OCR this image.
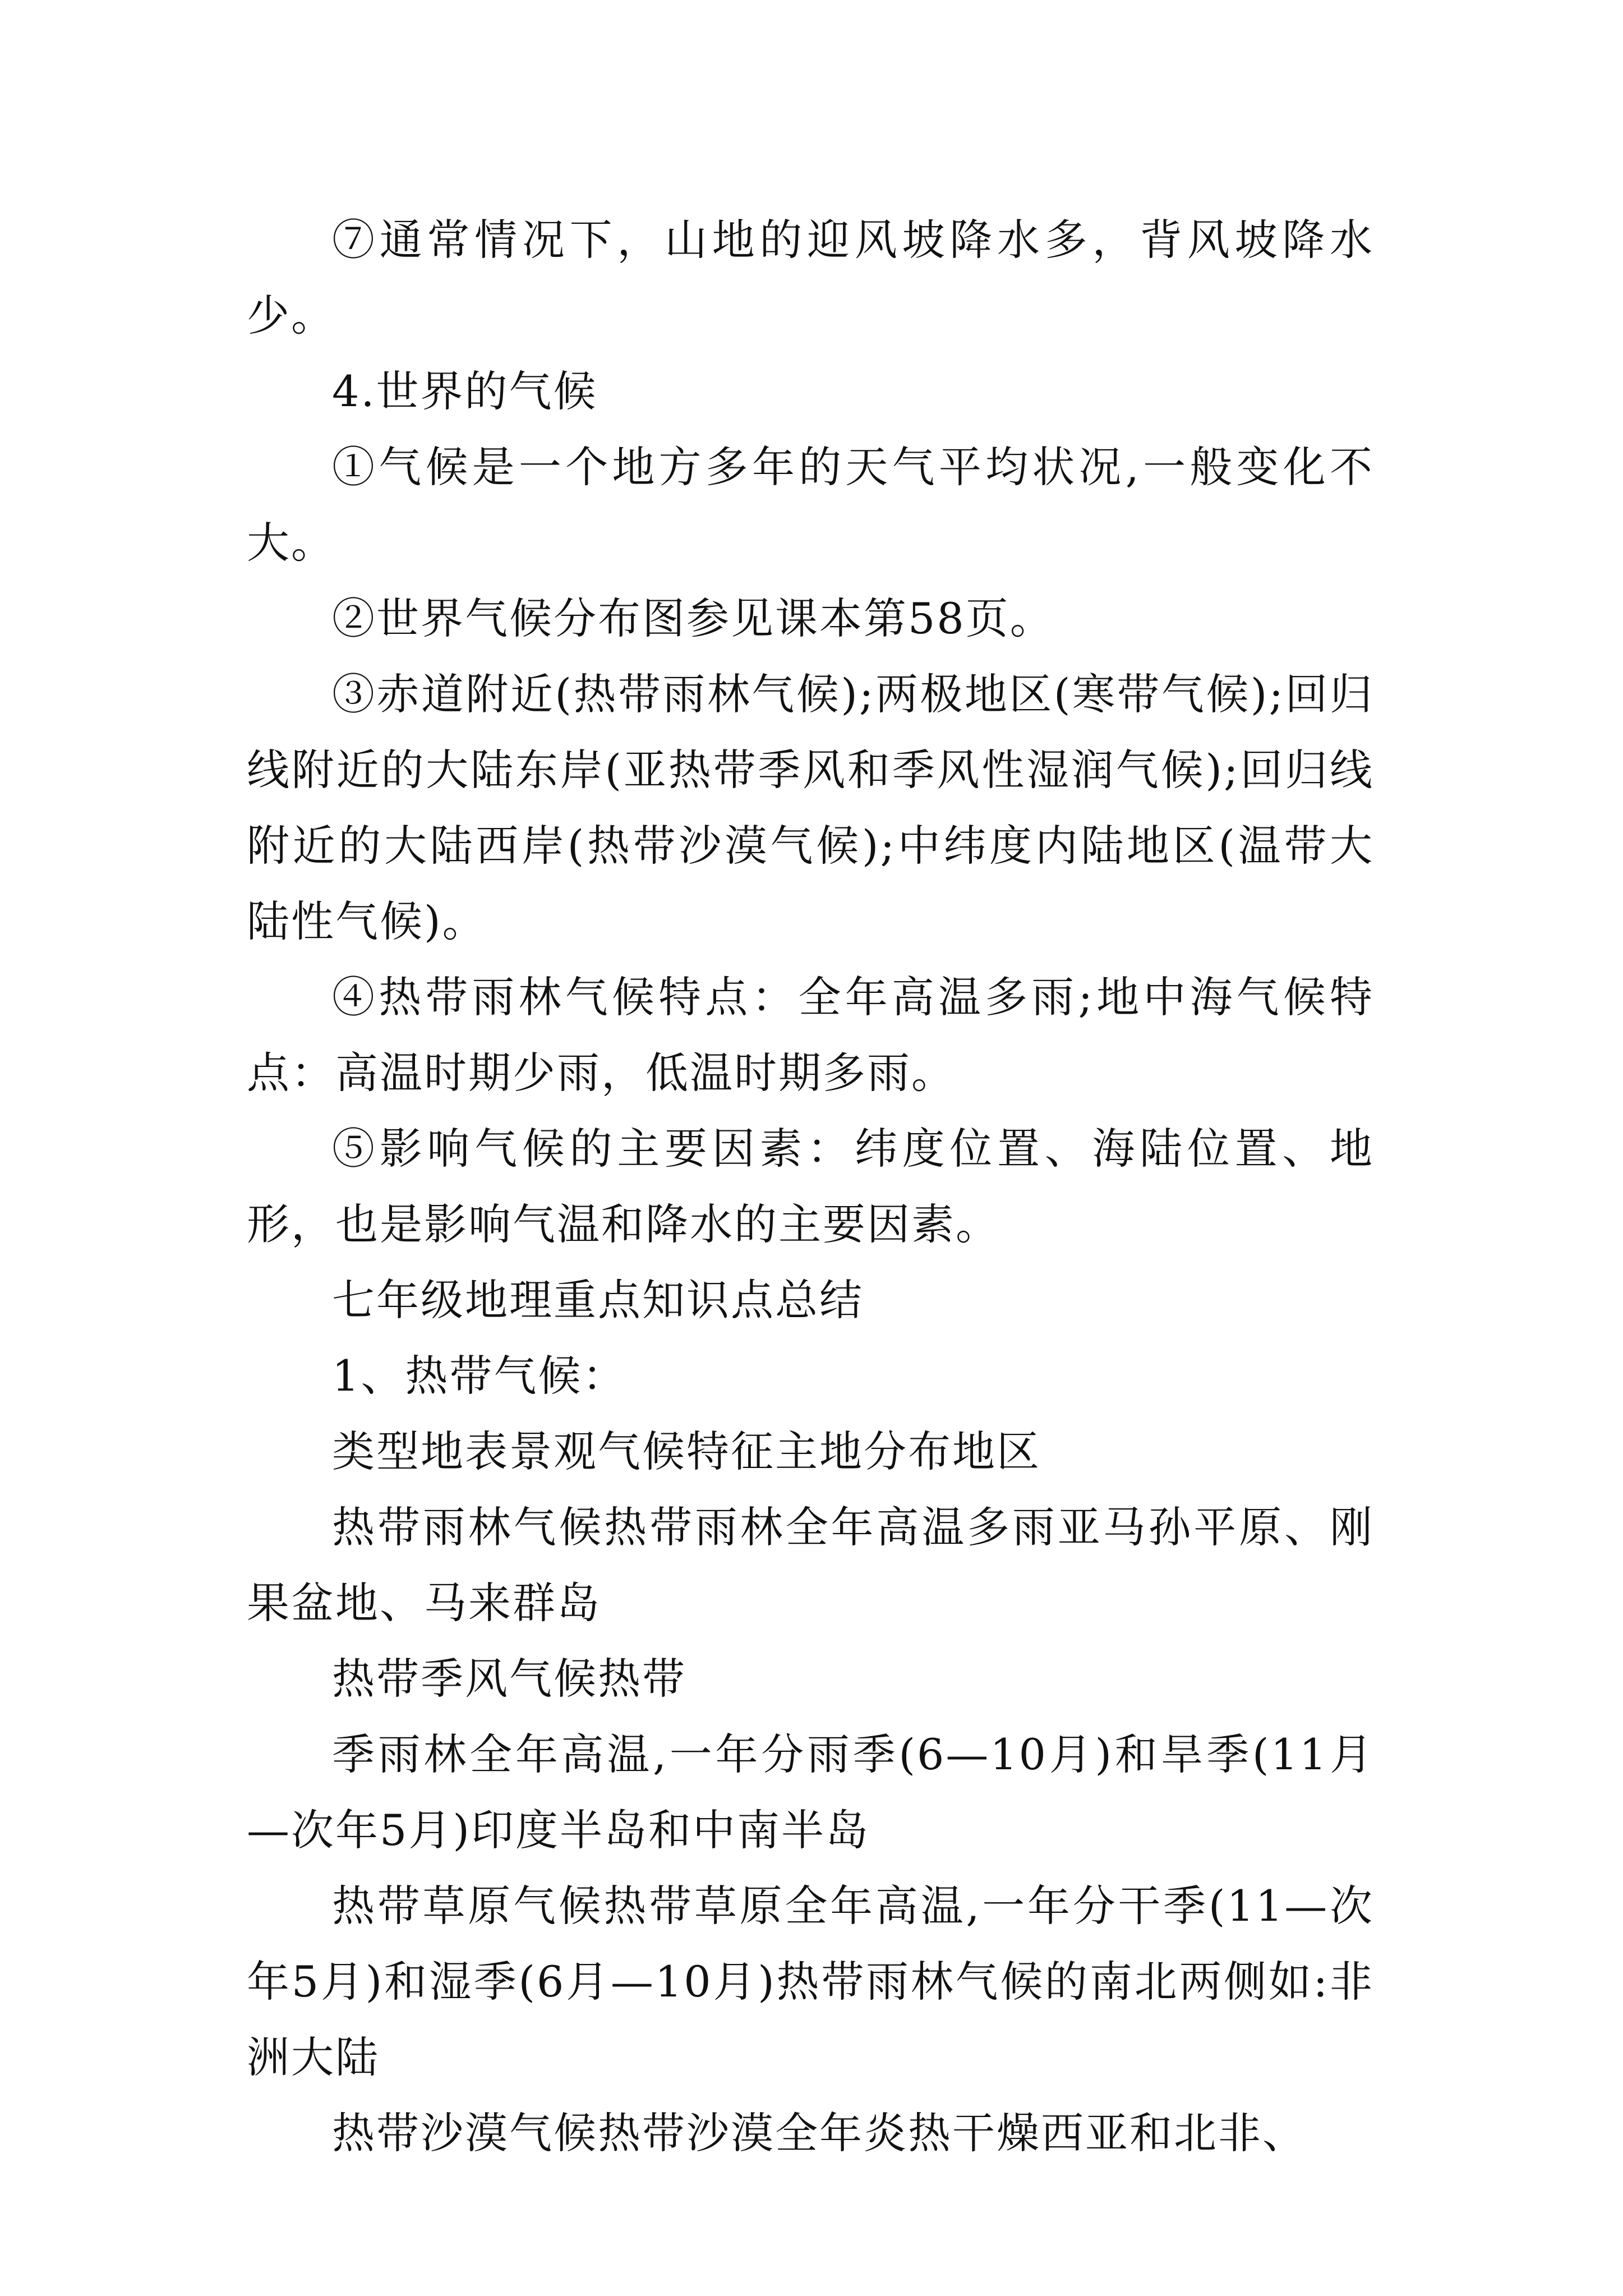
⑦通常情况下，山地的迎风坡降水多，背风坡降水少。

4.世界的气候

①气候是一个地方多年的天气平均状况,一般变化不大。

②世界气候分布图参见课本第58页。

③赤道附近(热带雨林气候);两极地区(寒带气候);回归线附近的大陆东岸(亚热带季风和季风性湿润气候);回归线附近的大陆西岸(热带沙漠气候);中纬度内陆地区(温带大陆性气候)。

④热带雨林气候特点：全年高温多雨;地中海气候特点：高温时期少雨，低温时期多雨。

⑤影响气候的主要因素：纬度位置、海陆位置、地形，也是影响气温和降水的主要因素。

七年级地理重点知识点总结

1、热带气候：

类型地表景观气候特征主地分布地区

热带雨林气候热带雨林全年高温多雨亚马孙平原、刚果盆地、马来群岛

热带季风气候热带

季雨林全年高温,一年分雨季(6—10月)和旱季(11月—次年5月)印度半岛和中南半岛

热带草原气候热带草原全年高温,一年分干季(11—次年5月)和湿季(6月—10月)热带雨林气候的南北两侧如:非洲大陆

热带沙漠气候热带沙漠全年炎热干燥西亚和北非、
